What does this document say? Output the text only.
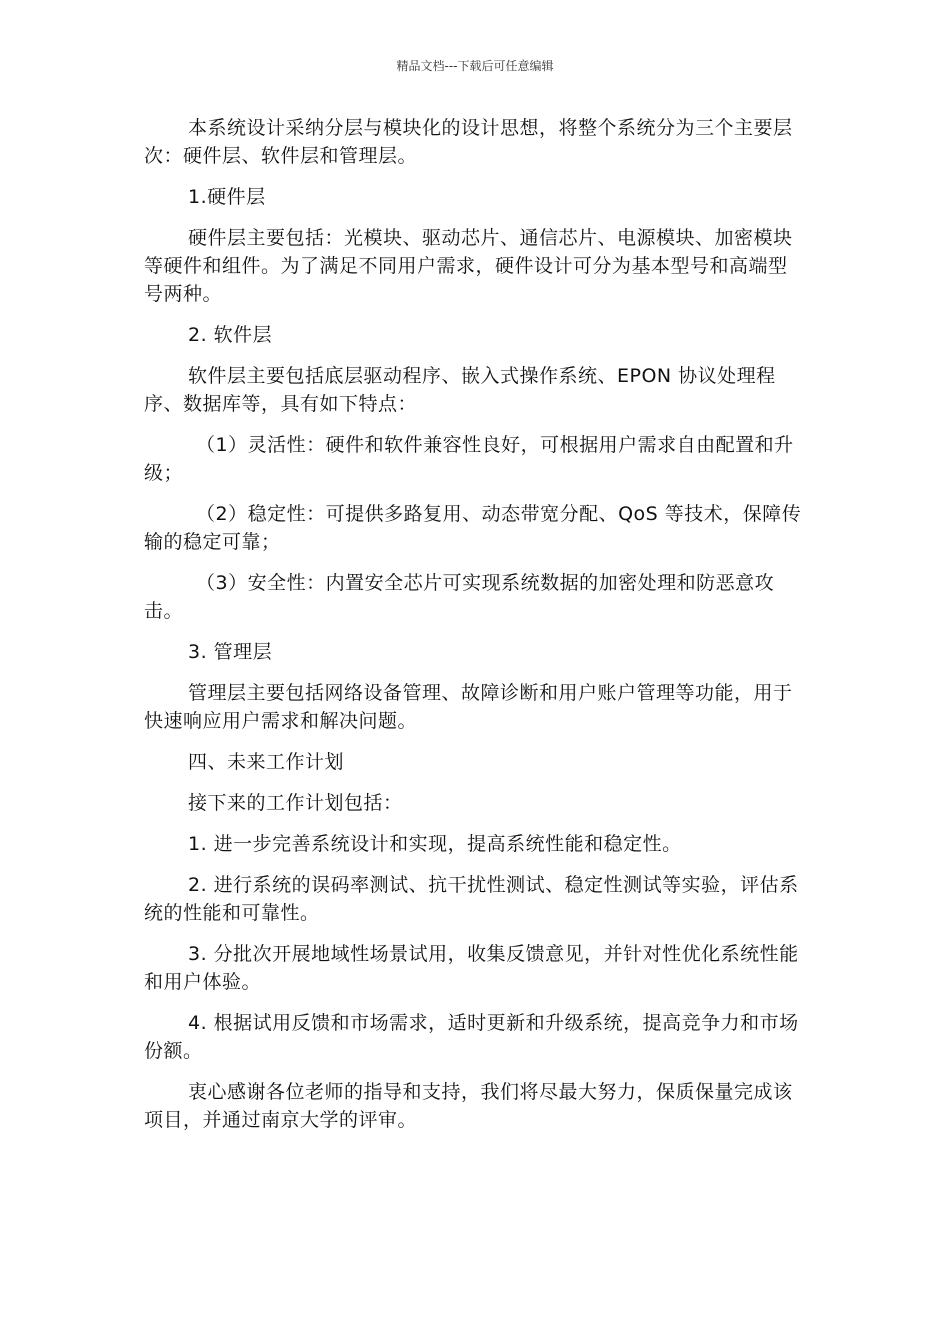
精品文档---下载后可任意编辑

本系统设计采纳分层与模块化的设计思想，将整个系统分为三个主要层次：硬件层、软件层和管理层。

1.硬件层

硬件层主要包括：光模块、驱动芯片、通信芯片、电源模块、加密模块等硬件和组件。为了满足不同用户需求，硬件设计可分为基本型号和高端型号两种。

2. 软件层

软件层主要包括底层驱动程序、嵌入式操作系统、EPON 协议处理程序、数据库等，具有如下特点：

（1）灵活性：硬件和软件兼容性良好，可根据用户需求自由配置和升级；

（2）稳定性：可提供多路复用、动态带宽分配、QoS 等技术，保障传输的稳定可靠；

（3）安全性：内置安全芯片可实现系统数据的加密处理和防恶意攻击。

3. 管理层

管理层主要包括网络设备管理、故障诊断和用户账户管理等功能，用于快速响应用户需求和解决问题。

四、未来工作计划

接下来的工作计划包括：

1. 进一步完善系统设计和实现，提高系统性能和稳定性。

2. 进行系统的误码率测试、抗干扰性测试、稳定性测试等实验，评估系统的性能和可靠性。

3. 分批次开展地域性场景试用，收集反馈意见，并针对性优化系统性能和用户体验。

4. 根据试用反馈和市场需求，适时更新和升级系统，提高竞争力和市场份额。

衷心感谢各位老师的指导和支持，我们将尽最大努力，保质保量完成该项目，并通过南京大学的评审。
